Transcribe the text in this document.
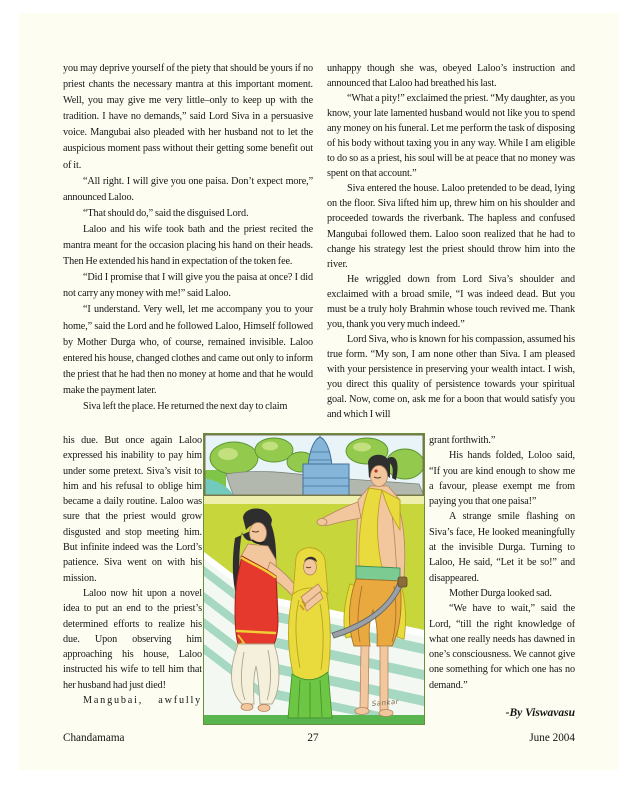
you may deprive yourself of the piety that should be yours if no priest chants the necessary mantra at this important moment. Well, you may give me very little–only to keep up with the tradition. I have no demands,” said Lord Siva in a persuasive voice. Mangubai also pleaded with her husband not to let the auspicious moment pass without their getting some benefit out of it.

“All right. I will give you one paisa. Don’t expect more,” announced Laloo.

“That should do,” said the disguised Lord.

Laloo and his wife took bath and the priest recited the mantra meant for the occasion placing his hand on their heads. Then He extended his hand in expectation of the token fee.

“Did I promise that I will give you the paisa at once? I did not carry any money with me!” said Laloo.

“I understand. Very well, let me accompany you to your home,” said the Lord and he followed Laloo, Himself followed by Mother Durga who, of course, remained invisible. Laloo entered his house, changed clothes and came out only to inform the priest that he had then no money at home and that he would make the payment later.

Siva left the place. He returned the next day to claim

unhappy though she was, obeyed Laloo’s instruction and announced that Laloo had breathed his last.

“What a pity!” exclaimed the priest. “My daughter, as you know, your late lamented husband would not like you to spend any money on his funeral. Let me perform the task of disposing of his body without taxing you in any way. While I am eligible to do so as a priest, his soul will be at peace that no money was spent on that account.”

Siva entered the house. Laloo pretended to be dead, lying on the floor. Siva lifted him up, threw him on his shoulder and proceeded towards the riverbank. The hapless and confused Mangubai followed them. Laloo soon realized that he had to change his strategy lest the priest should throw him into the river.

He wriggled down from Lord Siva’s shoulder and exclaimed with a broad smile, “I was indeed dead. But you must be a truly holy Brahmin whose touch revived me. Thank you, thank you very much indeed.”

Lord Siva, who is known for his compassion, assumed his true form. “My son, I am none other than Siva. I am pleased with your persistence in preserving your wealth intact. I wish, you direct this quality of persistence towards your spiritual goal. Now, come on, ask me for a boon that would satisfy you and which I will

his due. But once again Laloo expressed his inability to pay him under some pretext. Siva’s visit to him and his refusal to oblige him became a daily routine. Laloo was sure that the priest would grow disgusted and stop meeting him. But infinite indeed was the Lord’s patience. Siva went on with his mission.

Laloo now hit upon a novel idea to put an end to the priest’s determined efforts to realize his due. Upon observing him approaching his house, Laloo instructed his wife to tell him that her husband had just died!

Mangubai, awfully

grant forthwith.”

His hands folded, Loloo said, “If you are kind enough to show me a favour, please exempt me from paying you that one paisa!”

A strange smile flashing on Siva’s face, He looked meaningfully at the invisible Durga. Turning to Laloo, He said, “Let it be so!” and disappeared.

Mother Durga looked sad.

“We have to wait,” said the Lord, “till the right knowledge of what one really needs has dawned in one’s consciousness. We cannot give one something for which one has no demand.”

-By Viswavasu
Sankar
Chandamama	27	June 2004
